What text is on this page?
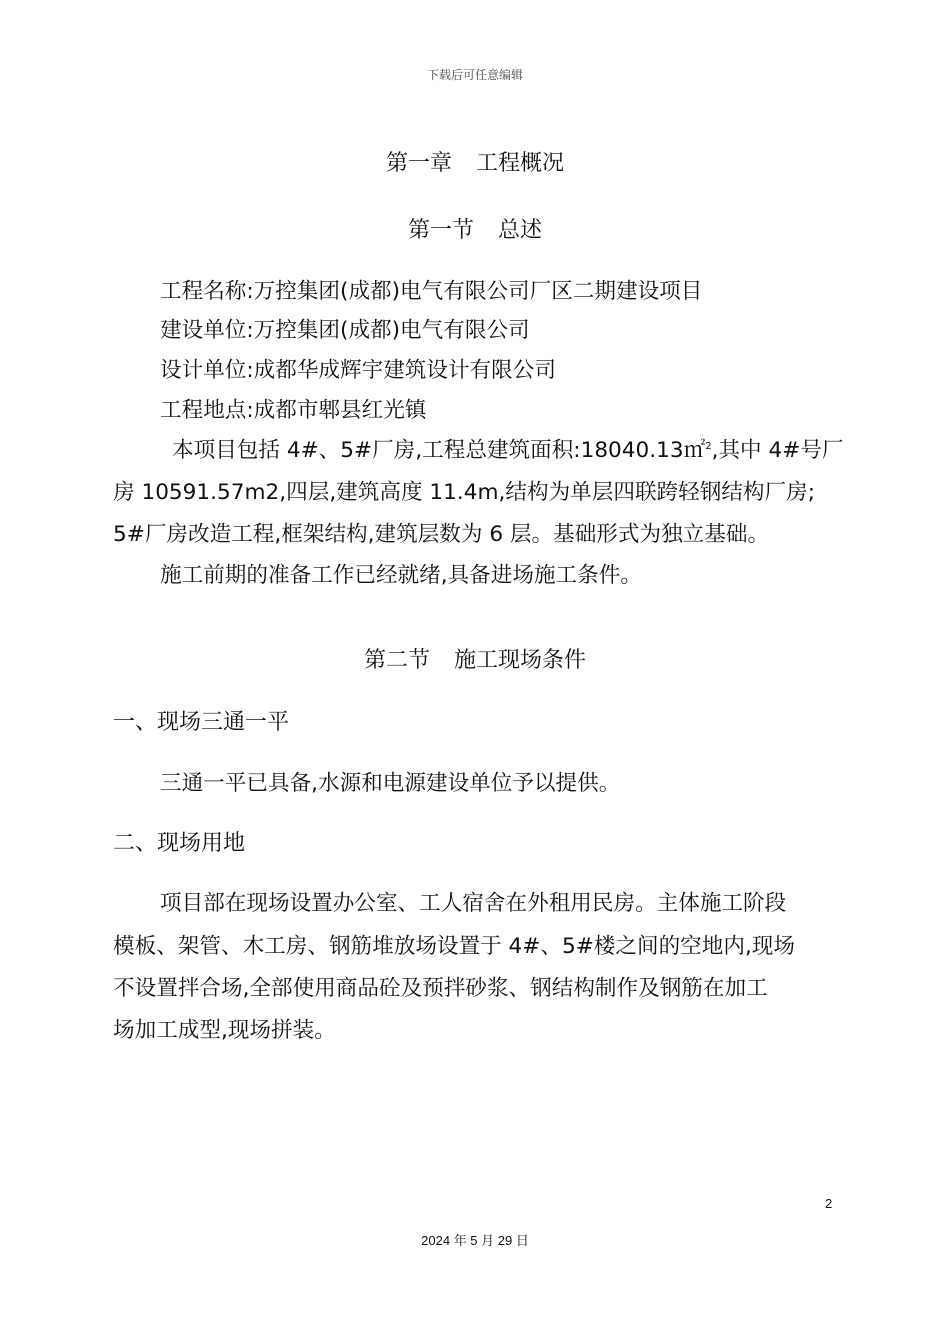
下载后可任意编辑
第一章 工程概况
第一节 总述
工程名称:万控集团(成都)电气有限公司厂区二期建设项目
建设单位:万控集团(成都)电气有限公司
设计单位:成都华成辉宇建筑设计有限公司
工程地点:成都市郫县红光镇
本项目包括 4#、5#厂房,工程总建筑面积:18040.13㎡$^2$,其中 4#号厂
房 10591.57m2,四层,建筑高度 11.4m,结构为单层四联跨轻钢结构厂房;
5#厂房改造工程,框架结构,建筑层数为 6 层。基础形式为独立基础。
施工前期的准备工作已经就绪,具备进场施工条件。
第二节 施工现场条件
一、现场三通一平
三通一平已具备,水源和电源建设单位予以提供。
二、现场用地
项目部在现场设置办公室、工人宿舍在外租用民房。主体施工阶段
模板、架管、木工房、钢筋堆放场设置于 4#、5#楼之间的空地内,现场
不设置拌合场,全部使用商品砼及预拌砂浆、钢结构制作及钢筋在加工
场加工成型,现场拼装。
2
2024 年 5 月 29 日
